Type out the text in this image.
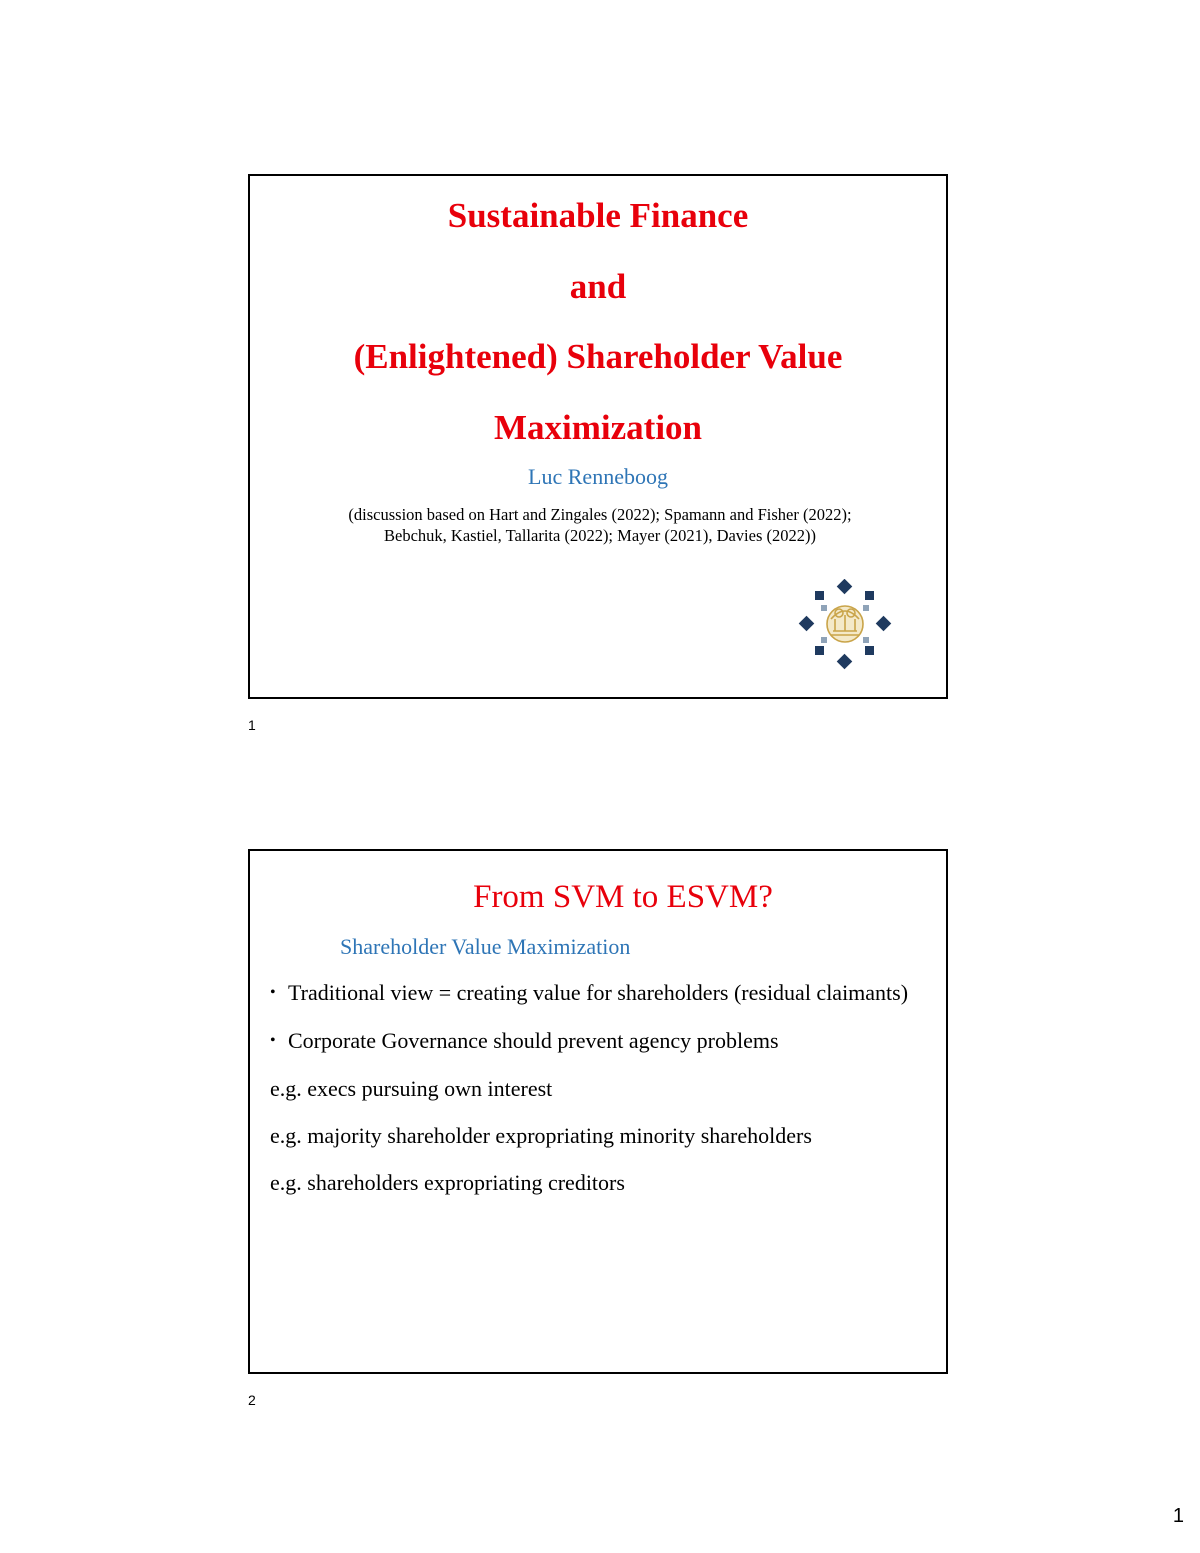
Sustainable Finance
and
(Enlightened) Shareholder Value
Maximization
Luc Renneboog
(discussion based on Hart and Zingales (2022); Spamann and Fisher (2022); Bebchuk, Kastiel, Tallarita (2022); Mayer (2021), Davies (2022))
1
From SVM to ESVM?
Shareholder Value Maximization
• Traditional view = creating value for shareholders (residual claimants)
• Corporate Governance should prevent agency problems
e.g. execs pursuing own interest
e.g. majority shareholder expropriating minority shareholders
e.g. shareholders expropriating creditors
2
1
